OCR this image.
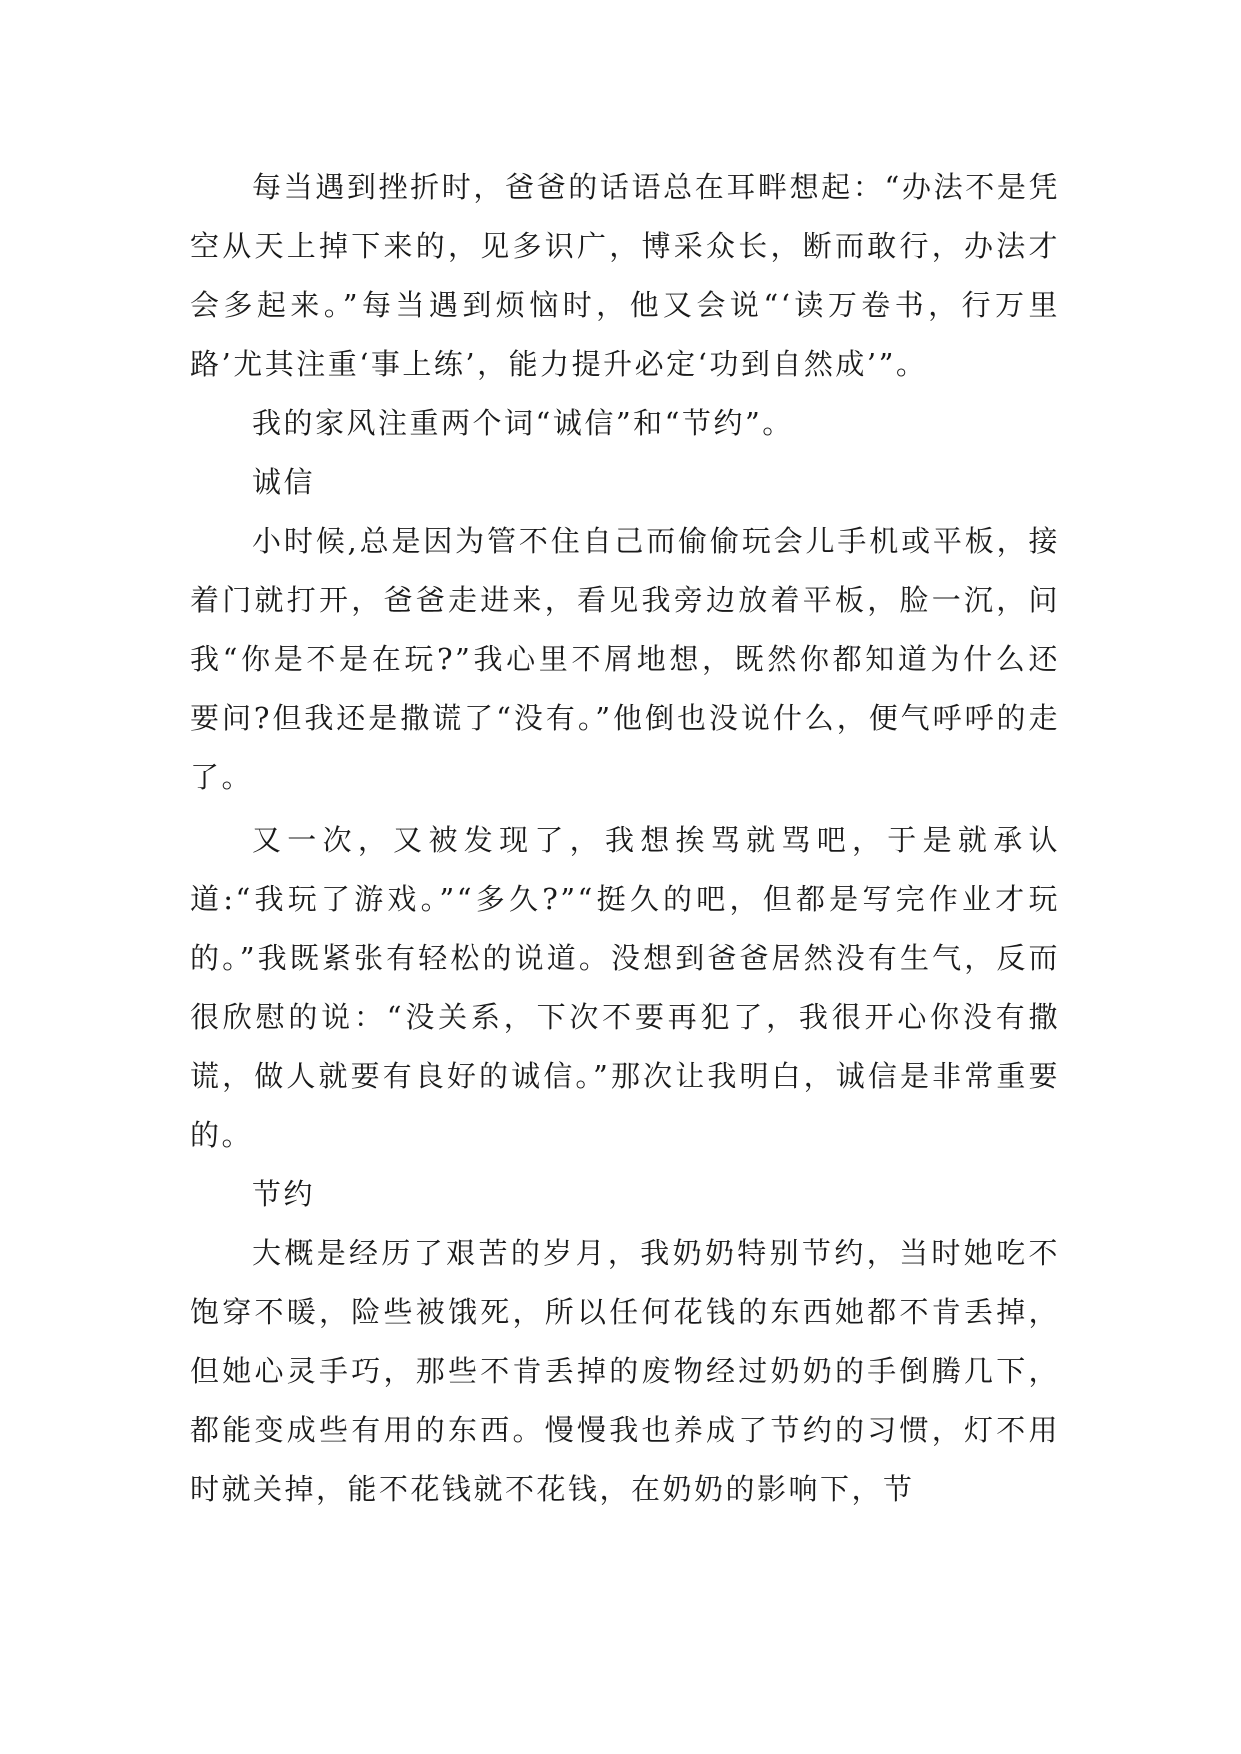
每当遇到挫折时，爸爸的话语总在耳畔想起：“办法不是凭空从天上掉下来的，见多识广，博采众长，断而敢行，办法才会多起来。”每当遇到烦恼时，他又会说“‘读万卷书，行万里路’尤其注重‘事上练’，能力提升必定‘功到自然成’”。

我的家风注重两个词“诚信”和“节约”。

诚信

小时候,总是因为管不住自己而偷偷玩会儿手机或平板，接着门就打开，爸爸走进来，看见我旁边放着平板，脸一沉，问我“你是不是在玩?”我心里不屑地想，既然你都知道为什么还要问?但我还是撒谎了“没有。”他倒也没说什么，便气呼呼的走了。

又一次，又被发现了，我想挨骂就骂吧，于是就承认道:“我玩了游戏。”“多久?”“挺久的吧，但都是写完作业才玩的。”我既紧张有轻松的说道。没想到爸爸居然没有生气，反而很欣慰的说：“没关系，下次不要再犯了，我很开心你没有撒谎，做人就要有良好的诚信。”那次让我明白，诚信是非常重要的。

节约

大概是经历了艰苦的岁月，我奶奶特别节约，当时她吃不饱穿不暖，险些被饿死，所以任何花钱的东西她都不肯丢掉，但她心灵手巧，那些不肯丢掉的废物经过奶奶的手倒腾几下，都能变成些有用的东西。慢慢我也养成了节约的习惯，灯不用时就关掉，能不花钱就不花钱，在奶奶的影响下，节
